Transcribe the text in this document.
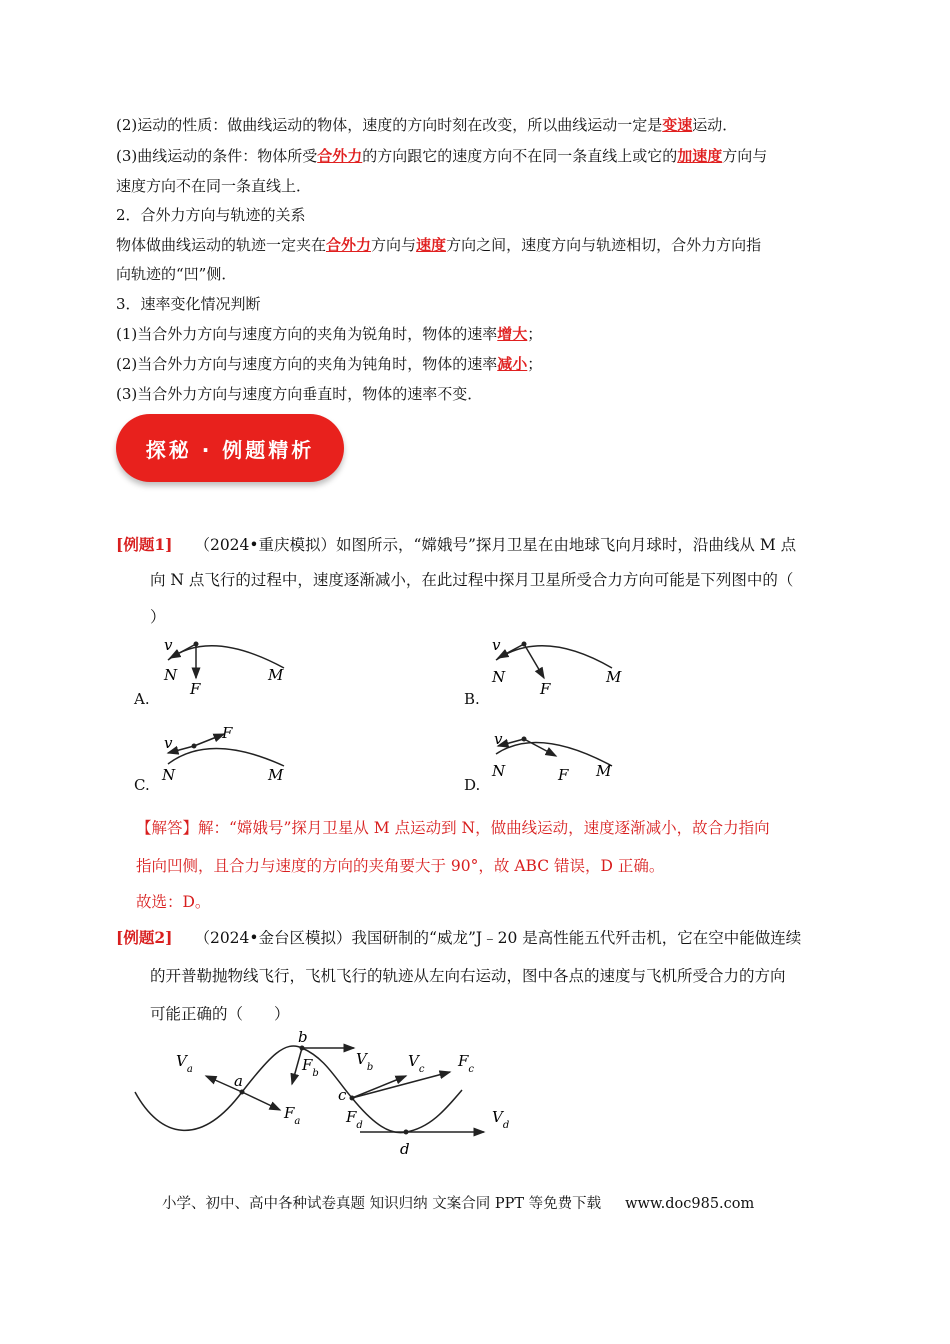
(2)运动的性质：做曲线运动的物体，速度的方向时刻在改变，所以曲线运动一定是变速运动．
(3)曲线运动的条件：物体所受合外力的方向跟它的速度方向不在同一条直线上或它的加速度方向与
速度方向不在同一条直线上．
2．合外力方向与轨迹的关系
物体做曲线运动的轨迹一定夹在合外力方向与速度方向之间，速度方向与轨迹相切，合外力方向指
向轨迹的“凹”侧．
3．速率变化情况判断
(1)当合外力方向与速度方向的夹角为锐角时，物体的速率增大；
(2)当合外力方向与速度方向的夹角为钝角时，物体的速率减小；
(3)当合外力方向与速度方向垂直时，物体的速率不变．
探秘 · 例题精析
[例题1] （2024•重庆模拟）如图所示，“嫦娥号”探月卫星在由地球飞向月球时，沿曲线从 M 点
向 N 点飞行的过程中，速度逐渐减小，在此过程中探月卫星所受合力方向可能是下列图中的（
）
v
N
F
M
A.
v
N
F
M
B.
v
N
F
M
C.
v
N	F M
D.
【解答】解：“嫦娥号”探月卫星从 M 点运动到 N，做曲线运动，速度逐渐减小，故合力指向
指向凹侧，且合力与速度的方向的夹角要大于 90°，故 ABC 错误，D 正确。
故选：D。
[例题2] （2024•金台区模拟）我国研制的“威龙”J﹣20 是高性能五代歼击机，它在空中能做连续
的开普勒抛物线飞行，飞机飞行的轨迹从左向右运动，图中各点的速度与飞机所受合力的方向
可能正确的（　　）
a
$V_a$
$F_a$
b
$F_b$
$V_b$
c
$V_c$ $F_c$
$F_d$
d
$V_d$
小学、初中、高中各种试卷真题 知识归纳 文案合同 PPT 等免费下载 www.doc985.com
